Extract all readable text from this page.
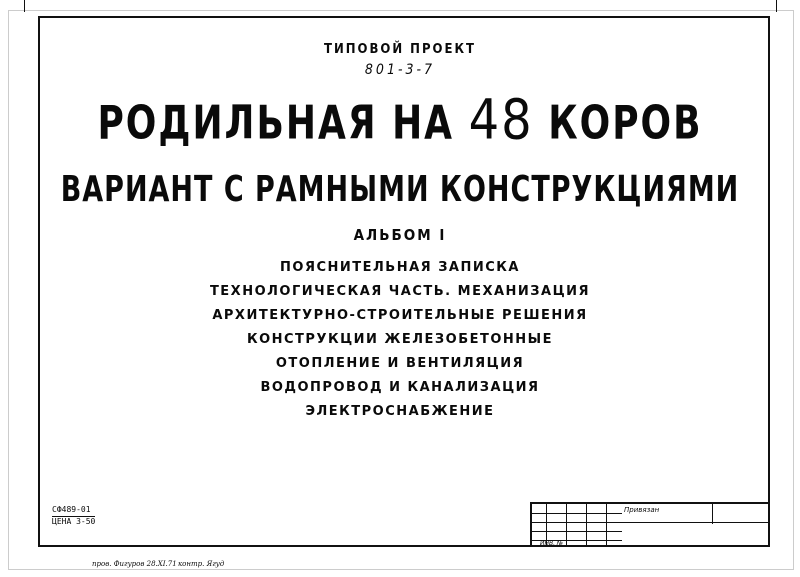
ТИПОВОЙ ПРОЕКТ
801-3-7
РОДИЛЬНАЯ НА 48 КОРОВ
ВАРИАНТ С РАМНЫМИ КОНСТРУКЦИЯМИ
АЛЬБОМ I
ПОЯСНИТЕЛЬНАЯ ЗАПИСКА
ТЕХНОЛОГИЧЕСКАЯ ЧАСТЬ. МЕХАНИЗАЦИЯ
АРХИТЕКТУРНО-СТРОИТЕЛЬНЫЕ РЕШЕНИЯ
КОНСТРУКЦИИ ЖЕЛЕЗОБЕТОННЫЕ
ОТОПЛЕНИЕ И ВЕНТИЛЯЦИЯ
ВОДОПРОВОД И КАНАЛИЗАЦИЯ
ЭЛЕКТРОСНАБЖЕНИЕ
СФ489-01
ЦЕНА 3-50
Привязан
ИНВ. №
пров. Фигуров 28.XI.71 контр. Ягуд
